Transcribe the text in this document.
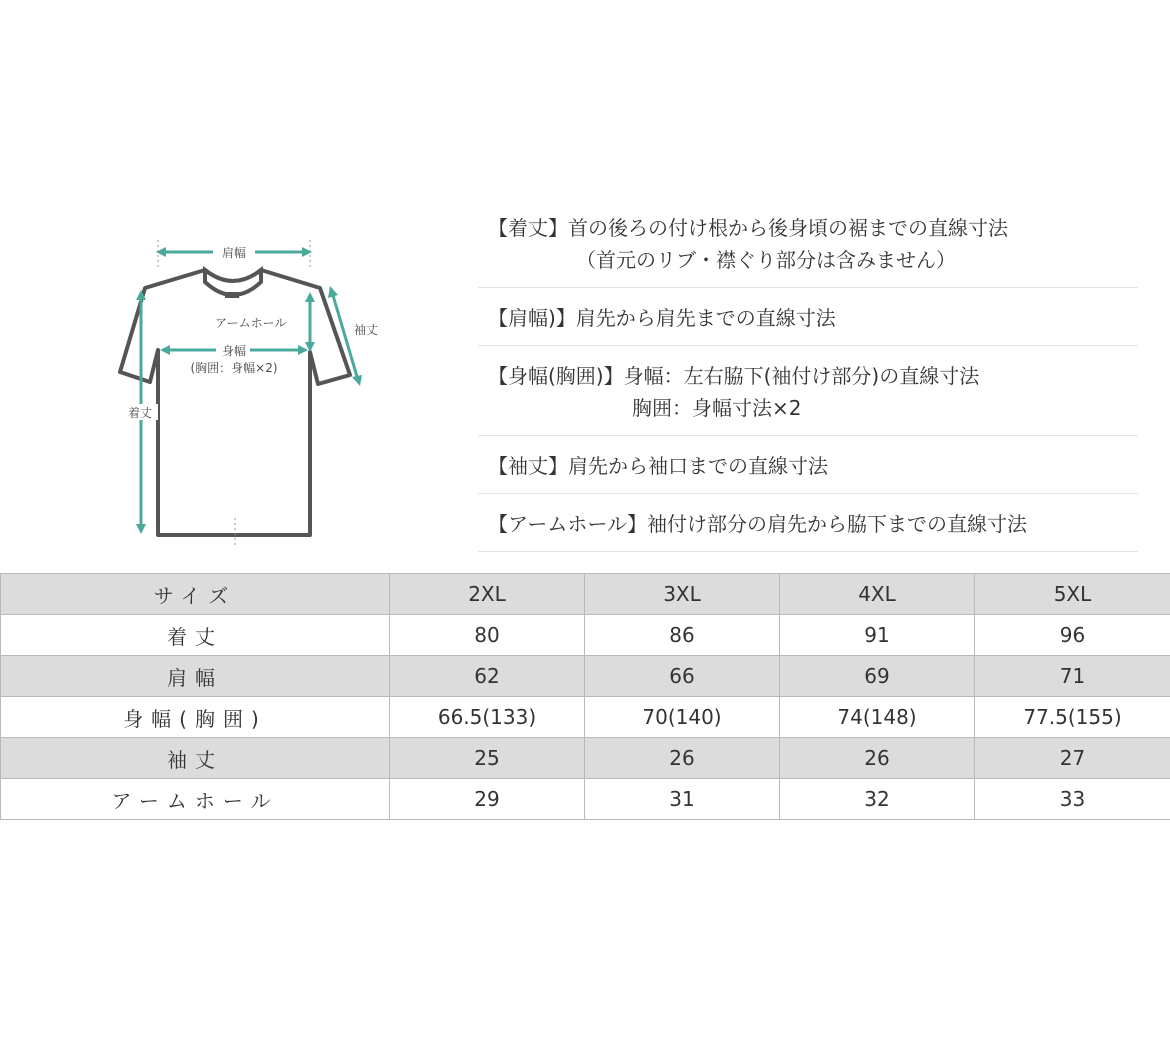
肩幅
アームホール	袖丈
身幅
(胸囲：身幅×2)
着丈
【着丈】首の後ろの付け根から後身頃の裾までの直線寸法
（首元のリブ・襟ぐり部分は含みません）
【肩幅)】肩先から肩先までの直線寸法
【身幅(胸囲)】身幅：左右脇下(袖付け部分)の直線寸法
胸囲：身幅寸法×2
【袖丈】肩先から袖口までの直線寸法
【アームホール】袖付け部分の肩先から脇下までの直線寸法
サイズ	2XL	3XL	4XL	5XL
着丈	80	86	91	96
肩幅	62	66	69	71
身幅(胸囲)	66.5(133)	70(140)	74(148)	77.5(155)
袖丈	25	26	26	27
アームホール	29	31	32	33
